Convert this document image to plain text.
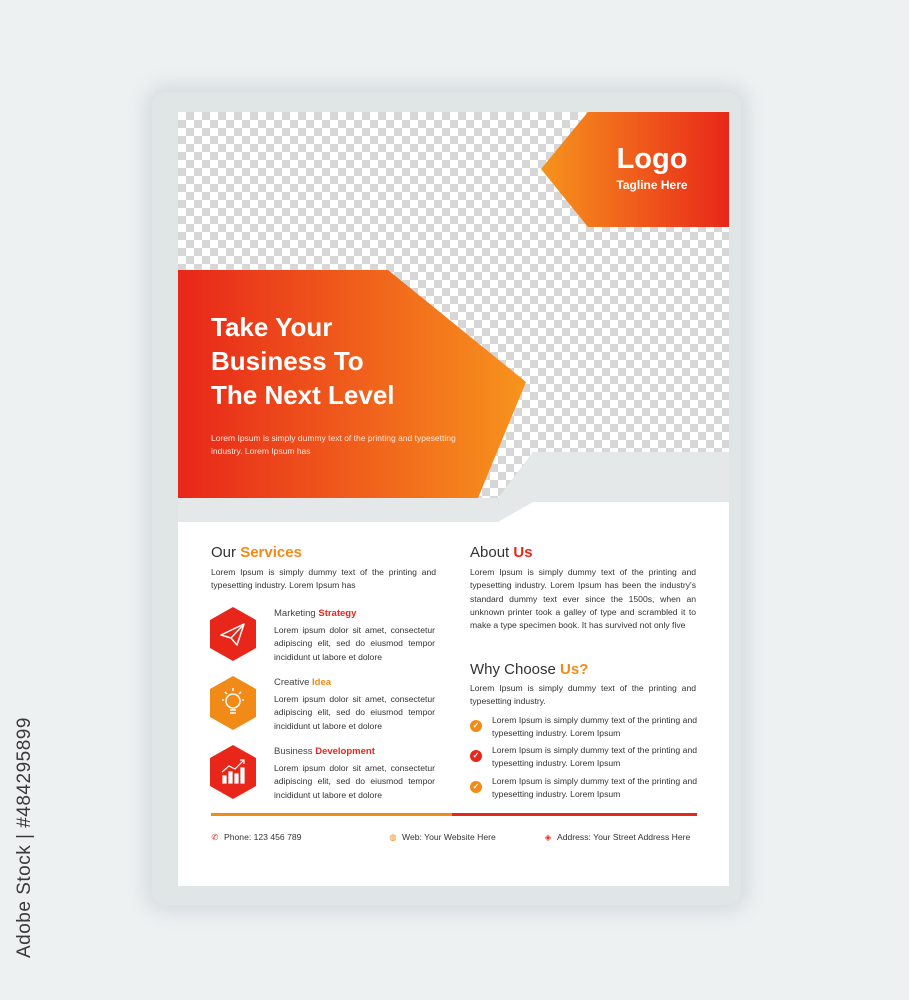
Logo
Tagline Here
Take Your
Business To
The Next Level
Lorem Ipsum is simply dummy text of the printing and typesetting industry. Lorem Ipsum has
Our Services
Lorem Ipsum is simply dummy text of the printing and typesetting industry. Lorem Ipsum has
Marketing Strategy
Lorem ipsum dolor sit amet, consectetur adipiscing elit, sed do eiusmod tempor incididunt ut labore et dolore
Creative Idea
Lorem ipsum dolor sit amet, consectetur adipiscing elit, sed do eiusmod tempor incididunt ut labore et dolore
Business Development
Lorem ipsum dolor sit amet, consectetur adipiscing elit, sed do eiusmod tempor incididunt ut labore et dolore
About Us
Lorem Ipsum is simply dummy text of the printing and typesetting industry. Lorem Ipsum has been the industry's standard dummy text ever since the 1500s, when an unknown printer took a galley of type and scrambled it to make a type specimen book. It has survived not only five
Why Choose Us?
Lorem Ipsum is simply dummy text of the printing and typesetting industry.
✓
Lorem Ipsum is simply dummy text of the printing and typesetting industry. Lorem Ipsum
✓
Lorem Ipsum is simply dummy text of the printing and typesetting industry. Lorem Ipsum
✓
Lorem Ipsum is simply dummy text of the printing and typesetting industry. Lorem Ipsum
✆ Phone: 123 456 789	◍ Web: Your Website Here	◈ Address: Your Street Address Here
Adobe Stock | #484295899
